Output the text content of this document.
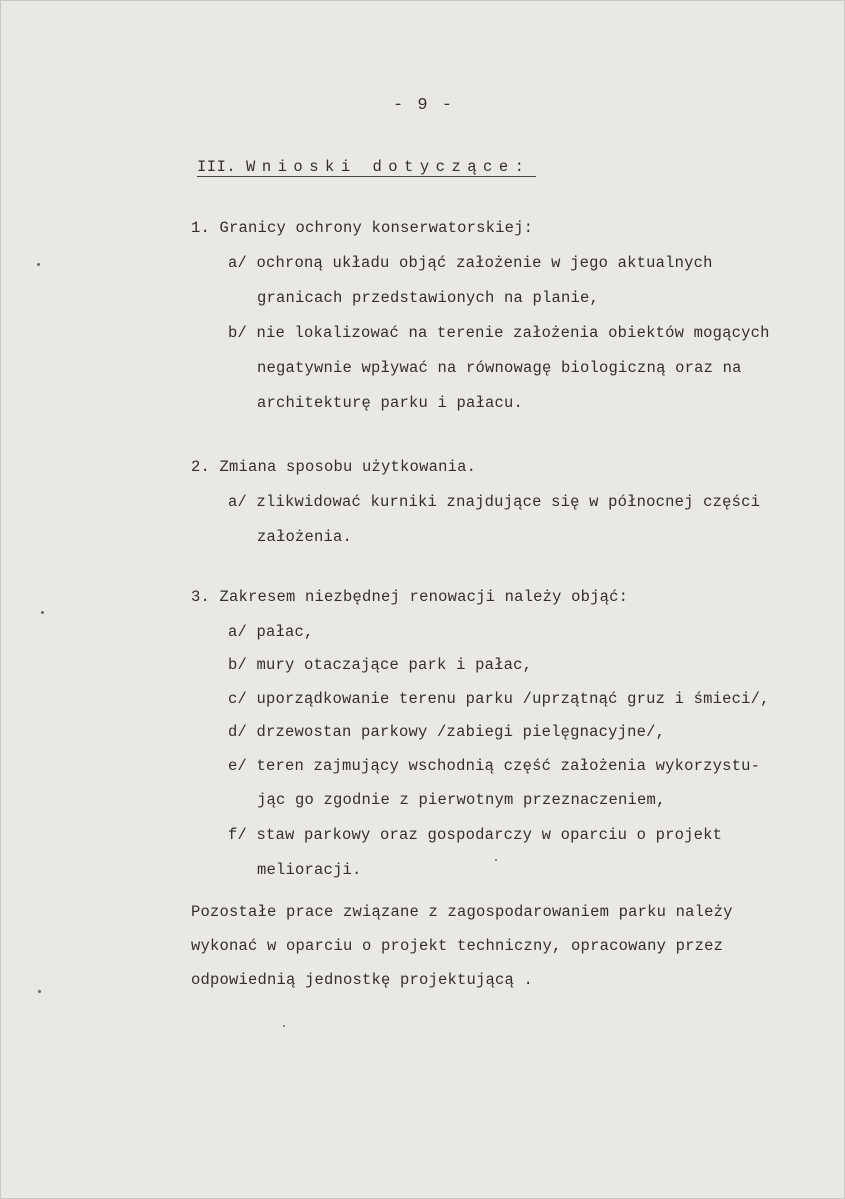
- 9 -
III. Wnioski dotyczące:
1. Granicy ochrony konserwatorskiej:
a/ ochroną układu objąć założenie w jego aktualnych
granicach przedstawionych na planie,
b/ nie lokalizować na terenie założenia obiektów mogących
negatywnie wpływać na równowagę biologiczną oraz na
architekturę parku i pałacu.
2. Zmiana sposobu użytkowania.
a/ zlikwidować kurniki znajdujące się w północnej części
założenia.
3. Zakresem niezbędnej renowacji należy objąć:
a/ pałac,
b/ mury otaczające park i pałac,
c/ uporządkowanie terenu parku /uprzątnąć gruz i śmieci/,
d/ drzewostan parkowy /zabiegi pielęgnacyjne/,
e/ teren zajmujący wschodnią część założenia wykorzystu-
jąc go zgodnie z pierwotnym przeznaczeniem,
f/ staw parkowy oraz gospodarczy w oparciu o projekt
melioracji.
Pozostałe prace związane z zagospodarowaniem parku należy
wykonać w oparciu o projekt techniczny, opracowany przez
odpowiednią jednostkę projektującą .
